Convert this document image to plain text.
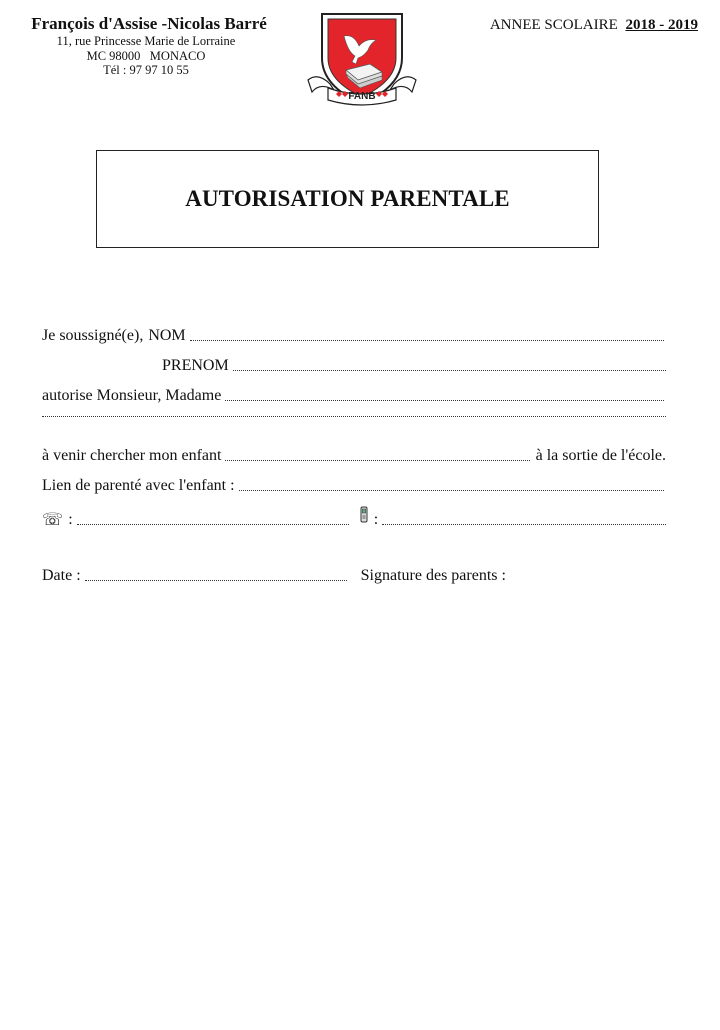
François d'Assise -Nicolas Barré
11, rue Princesse Marie de Lorraine
MC 98000   MONACO
Tél : 97 97 10 55
FANB
ANNEE SCOLAIRE 2018 - 2019
AUTORISATION PARENTALE
Je soussigné(e), NOM
PRENOM
autorise Monsieur, Madame
à venir chercher mon enfant	à la sortie de l'école.
Lien de parenté avec l'enfant :
☏ :	:
Date :	Signature des parents :
